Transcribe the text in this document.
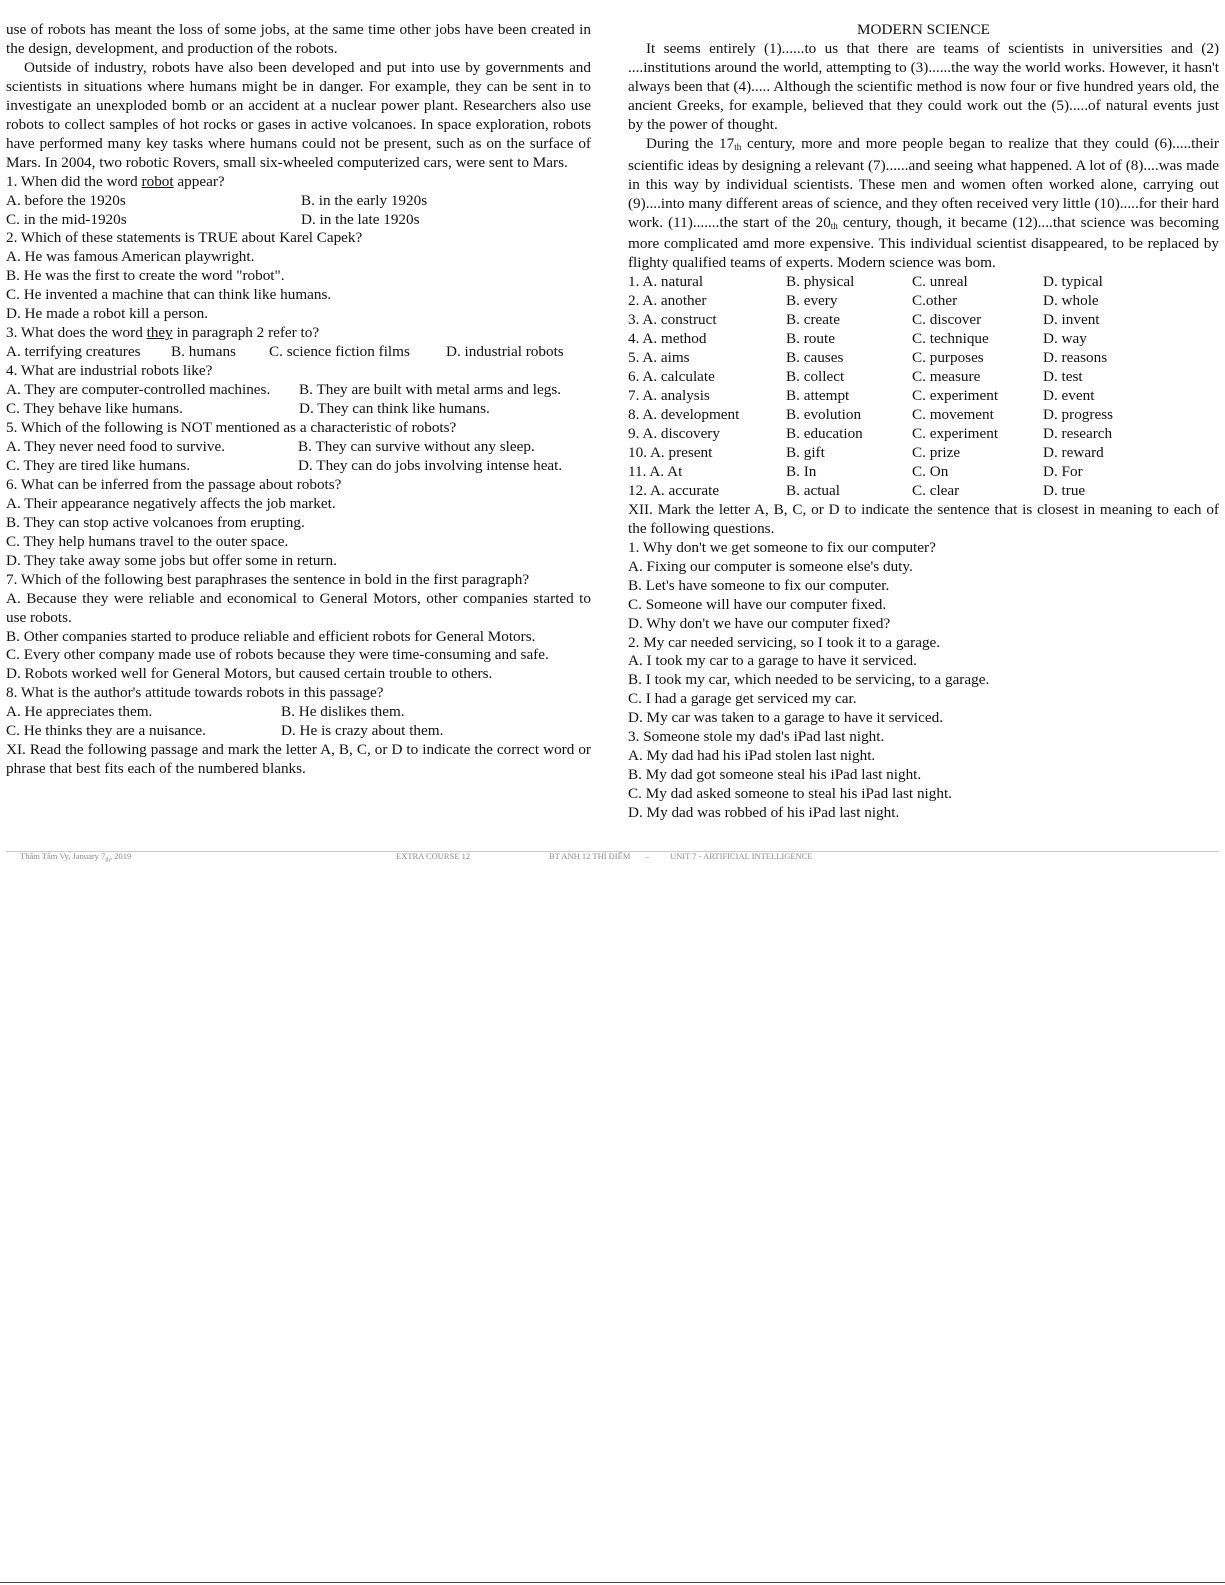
use of robots has meant the loss of some jobs, at the same time other jobs have been created in the design, development, and production of the robots.

Outside of industry, robots have also been developed and put into use by governments and scientists in situations where humans might be in danger. For example, they can be sent in to investigate an unexploded bomb or an accident at a nuclear power plant. Researchers also use robots to collect samples of hot rocks or gases in active volcanoes. In space exploration, robots have performed many key tasks where humans could not be present, such as on the surface of Mars. In 2004, two robotic Rovers, small six-wheeled computerized cars, were sent to Mars.

1. When did the word robot appear?

A. before the 1920s	B. in the early 1920s
C. in the mid-1920s	D. in the late 1920s

2. Which of these statements is TRUE about Karel Capek?

A. He was famous American playwright.

B. He was the first to create the word "robot".

C. He invented a machine that can think like humans.

D. He made a robot kill a person.

3. What does the word they in paragraph 2 refer to?

A. terrifying creatures	B. humans	C. science fiction films	D. industrial robots

4. What are industrial robots like?

A. They are computer-controlled machines.	B. They are built with metal arms and legs.
C. They behave like humans.	D. They can think like humans.

5. Which of the following is NOT mentioned as a characteristic of robots?

A. They never need food to survive.	B. They can survive without any sleep.
C. They are tired like humans.	D. They can do jobs involving intense heat.

6. What can be inferred from the passage about robots?

A. Their appearance negatively affects the job market.

B. They can stop active volcanoes from erupting.

C. They help humans travel to the outer space.

D. They take away some jobs but offer some in return.

7. Which of the following best paraphrases the sentence in bold in the first paragraph?

A. Because they were reliable and economical to General Motors, other companies started to use robots.

B. Other companies started to produce reliable and efficient robots for General Motors.

C. Every other company made use of robots because they were time-consuming and safe.

D. Robots worked well for General Motors, but caused certain trouble to others.

8. What is the author's attitude towards robots in this passage?

A. He appreciates them.	B. He dislikes them.
C. He thinks they are a nuisance.	D. He is crazy about them.

XI. Read the following passage and mark the letter A, B, C, or D to indicate the correct word or phrase that best fits each of the numbered blanks.

MODERN SCIENCE

It seems entirely (1)......to us that there are teams of scientists in universities and (2) ....institutions around the world, attempting to (3)......the way the world works. However, it hasn't always been that (4)..... Although the scientific method is now four or five hundred years old, the ancient Greeks, for example, believed that they could work out the (5).....of natural events just by the power of thought.

During the $17_{th}$ century, more and more people began to realize that they could (6).....their scientific ideas by designing a relevant (7)......and seeing what happened. A lot of (8)....was made in this way by individual scientists. These men and women often worked alone, carrying out (9)....into many different areas of science, and they often received very little (10).....for their hard work. (11).......the start of the $20_{th}$ century, though, it became (12)....that science was becoming more complicated amd more expensive. This individual scientist disappeared, to be replaced by flighty qualified teams of experts. Modern science was bom.

1. A. natural	B. physical	C. unreal	D. typical
2. A. another	B. every	C.other	D. whole
3. A. construct	B. create	C. discover	D. invent
4. A. method	B. route	C. technique	D. way
5. A. aims	B. causes	C. purposes	D. reasons
6. A. calculate	B. collect	C. measure	D. test
7. A. analysis	B. attempt	C. experiment	D. event
8. A. development	B. evolution	C. movement	D. progress
9. A. discovery	B. education	C. experiment	D. research
10. A. present	B. gift	C. prize	D. reward
11. A. At	B. In	C. On	D. For
12. A. accurate	B. actual	C. clear	D. true

XII. Mark the letter A, B, C, or D to indicate the sentence that is closest in meaning to each of the following questions.

1. Why don't we get someone to fix our computer?

A. Fixing our computer is someone else's duty.

B. Let's have someone to fix our computer.

C. Someone will have our computer fixed.

D. Why don't we have our computer fixed?

2. My car needed servicing, so I took it to a garage.

A. I took my car to a garage to have it serviced.

B. I took my car, which needed to be servicing, to a garage.

C. I had a garage get serviced my car.

D. My car was taken to a garage to have it serviced.

3. Someone stole my dad's iPad last night.

A. My dad had his iPad stolen last night.

B. My dad got someone steal his iPad last night.

C. My dad asked someone to steal his iPad last night.

D. My dad was robbed of his iPad last night.

Thẩm Tâm Vy, January $7_{th}$, 2019	EXTRA COURSE 12	BT ANH 12 THÍ ĐIỂM – UNIT 7 - ARTIFICIAL INTELLIGENCE
